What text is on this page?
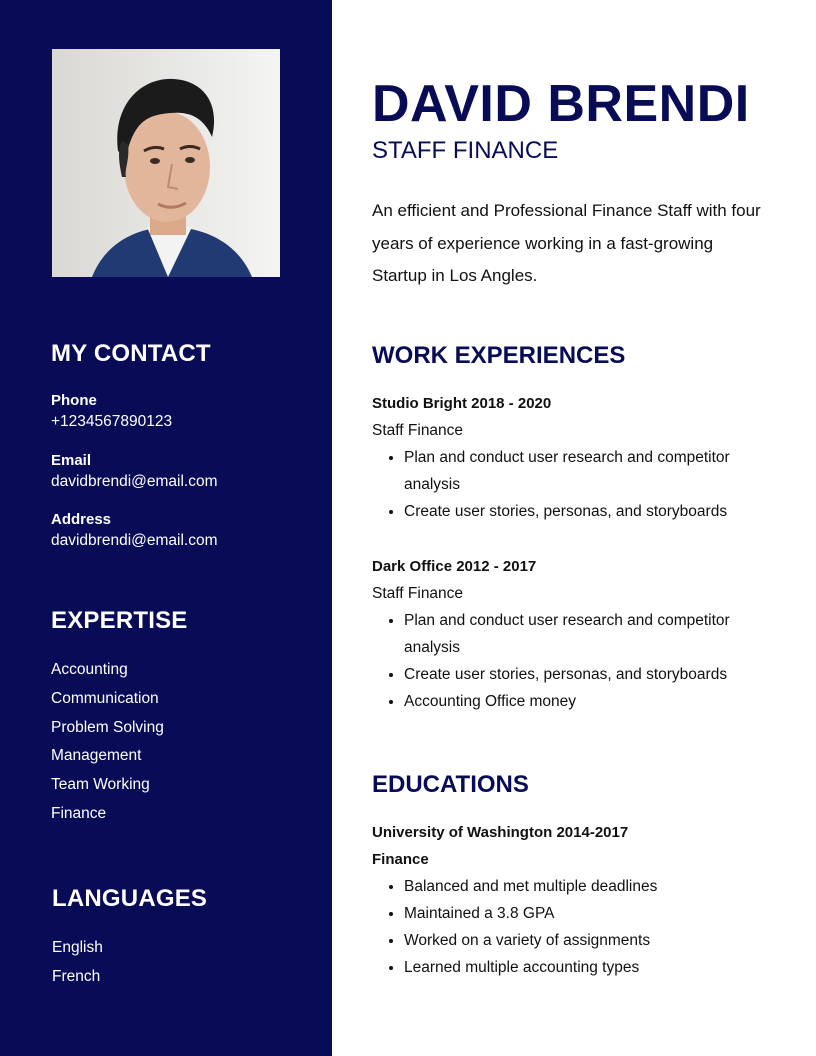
MY CONTACT
Phone
+1234567890123
Email
davidbrendi@email.com
Address
davidbrendi@email.com
EXPERTISE
Accounting
Communication
Problem Solving
Management
Team Working
Finance
LANGUAGES
English
French
DAVID BRENDI
STAFF FINANCE

An efficient and Professional Finance Staff with four years of experience working in a fast-growing Startup in Los Angles.

WORK EXPERIENCES
Studio Bright 2018 - 2020
Staff Finance
• Plan and conduct user research and competitor analysis
• Create user stories, personas, and storyboards
Dark Office 2012 - 2017
Staff Finance
• Plan and conduct user research and competitor analysis
• Create user stories, personas, and storyboards
• Accounting Office money
EDUCATIONS
University of Washington 2014-2017
Finance
• Balanced and met multiple deadlines
• Maintained a 3.8 GPA
• Worked on a variety of assignments
• Learned multiple accounting types
